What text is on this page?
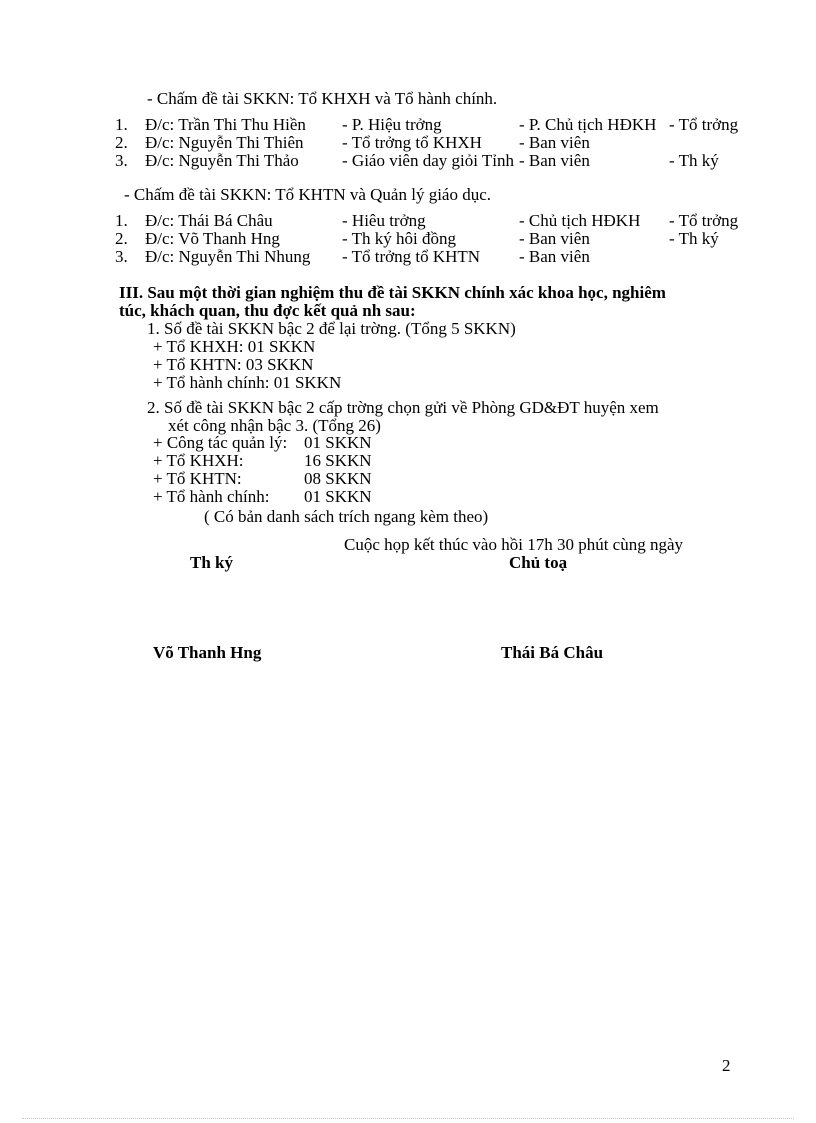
- Chấm đề tài SKKN: Tổ KHXH và Tổ hành chính.
1. Đ/c: Trần Thi Thu Hiền - P. Hiệu trởng	- P. Chủ tịch HĐKH - Tổ trởng
2. Đ/c: Nguyễn Thi Thiên - Tổ trởng tổ KHXH - Ban viên
3. Đ/c: Nguyễn Thi Thảo	- Giáo viên day giỏi Tỉnh - Ban viên	- Th ký
- Chấm đề tài SKKN: Tổ KHTN và Quản lý giáo dục.
1. Đ/c: Thái Bá Châu	- Hiêu trởng	- Chủ tịch HĐKH - Tổ trởng
2. Đ/c: Võ Thanh Hng	- Th ký hôi đồng	- Ban viên	- Th ký
3. Đ/c: Nguyễn Thi Nhung - Tổ trởng tổ KHTN - Ban viên
III. Sau một thời gian nghiệm thu đề tài SKKN chính xác khoa học, nghiêm
túc, khách quan, thu đợc kết quả nh sau:
1. Số đề tài SKKN bậc 2 để lại trờng. (Tổng 5 SKKN)
+ Tổ KHXH: 01 SKKN
+ Tổ KHTN: 03 SKKN
+ Tổ hành chính: 01 SKKN
2. Số đề tài SKKN bậc 2 cấp trờng chọn gửi về Phòng GD&ĐT huyện xem
xét công nhận bậc 3. (Tổng 26)
+ Công tác quản lý: 01 SKKN
+ Tổ KHXH:	16 SKKN
+ Tổ KHTN:	08 SKKN
+ Tổ hành chính: 01 SKKN
( Có bản danh sách trích ngang kèm theo)
Cuộc họp kết thúc vào hồi 17h 30 phút cùng ngày
Th ký	Chủ toạ
Võ Thanh Hng	Thái Bá Châu
2
